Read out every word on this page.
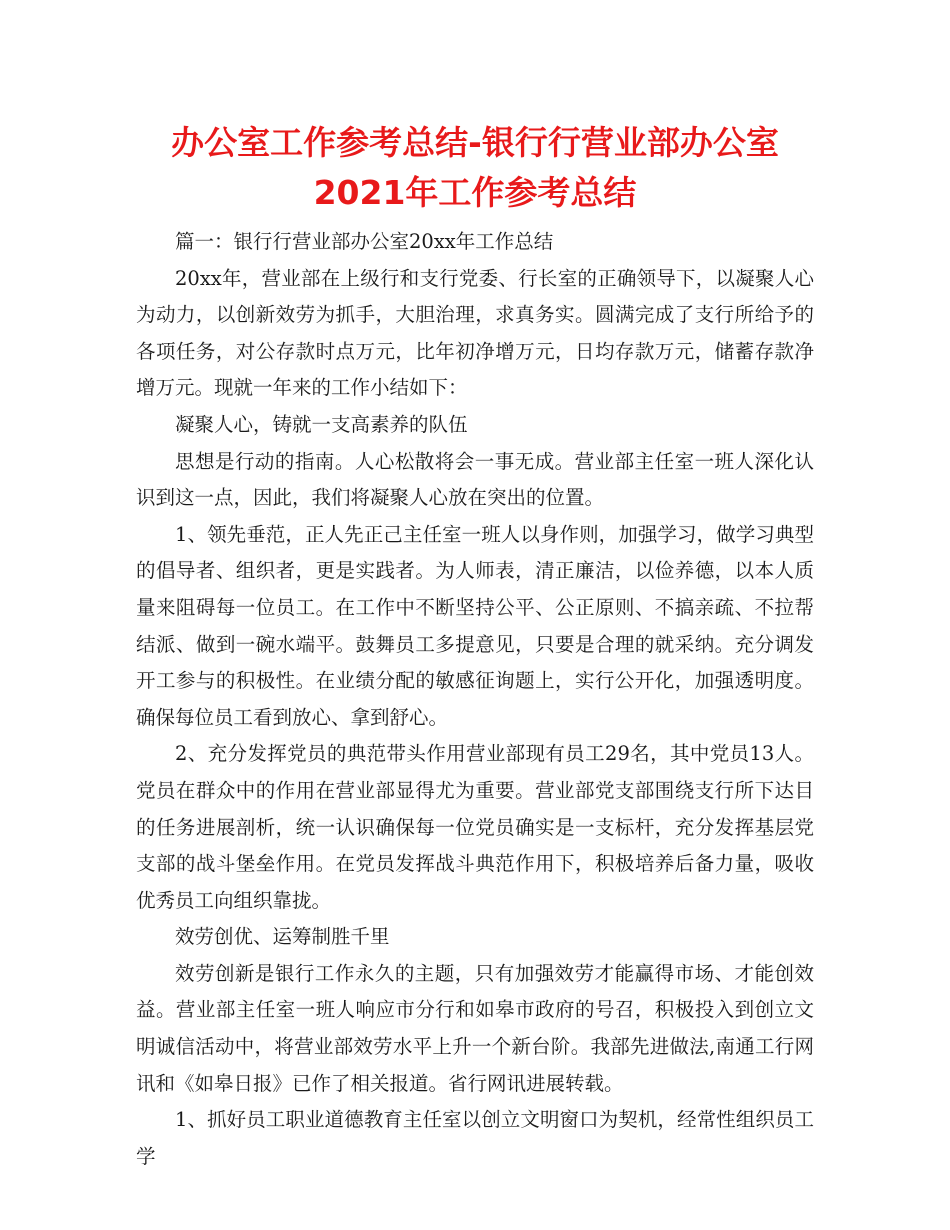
办公室工作参考总结-银行行营业部办公室2021年工作参考总结

篇一：银行行营业部办公室20xx年工作总结

20xx年，营业部在上级行和支行党委、行长室的正确领导下，以凝聚人心为动力，以创新效劳为抓手，大胆治理，求真务实。圆满完成了支行所给予的各项任务，对公存款时点万元，比年初净增万元，日均存款万元，储蓄存款净增万元。现就一年来的工作小结如下：

凝聚人心，铸就一支高素养的队伍

思想是行动的指南。人心松散将会一事无成。营业部主任室一班人深化认识到这一点，因此，我们将凝聚人心放在突出的位置。

1、领先垂范，正人先正己主任室一班人以身作则，加强学习，做学习典型的倡导者、组织者，更是实践者。为人师表，清正廉洁，以俭养德，以本人质量来阻碍每一位员工。在工作中不断坚持公平、公正原则、不搞亲疏、不拉帮结派、做到一碗水端平。鼓舞员工多提意见，只要是合理的就采纳。充分调发开工参与的积极性。在业绩分配的敏感征询题上，实行公开化，加强透明度。确保每位员工看到放心、拿到舒心。

2、充分发挥党员的典范带头作用营业部现有员工29名，其中党员13人。党员在群众中的作用在营业部显得尤为重要。营业部党支部围绕支行所下达目的任务进展剖析，统一认识确保每一位党员确实是一支标杆，充分发挥基层党支部的战斗堡垒作用。在党员发挥战斗典范作用下，积极培养后备力量，吸收优秀员工向组织靠拢。

效劳创优、运筹制胜千里

效劳创新是银行工作永久的主题，只有加强效劳才能赢得市场、才能创效益。营业部主任室一班人响应市分行和如皋市政府的号召，积极投入到创立文明诚信活动中，将营业部效劳水平上升一个新台阶。我部先进做法,南通工行网讯和《如皋日报》已作了相关报道。省行网讯进展转载。

1、抓好员工职业道德教育主任室以创立文明窗口为契机，经常性组织员工学
